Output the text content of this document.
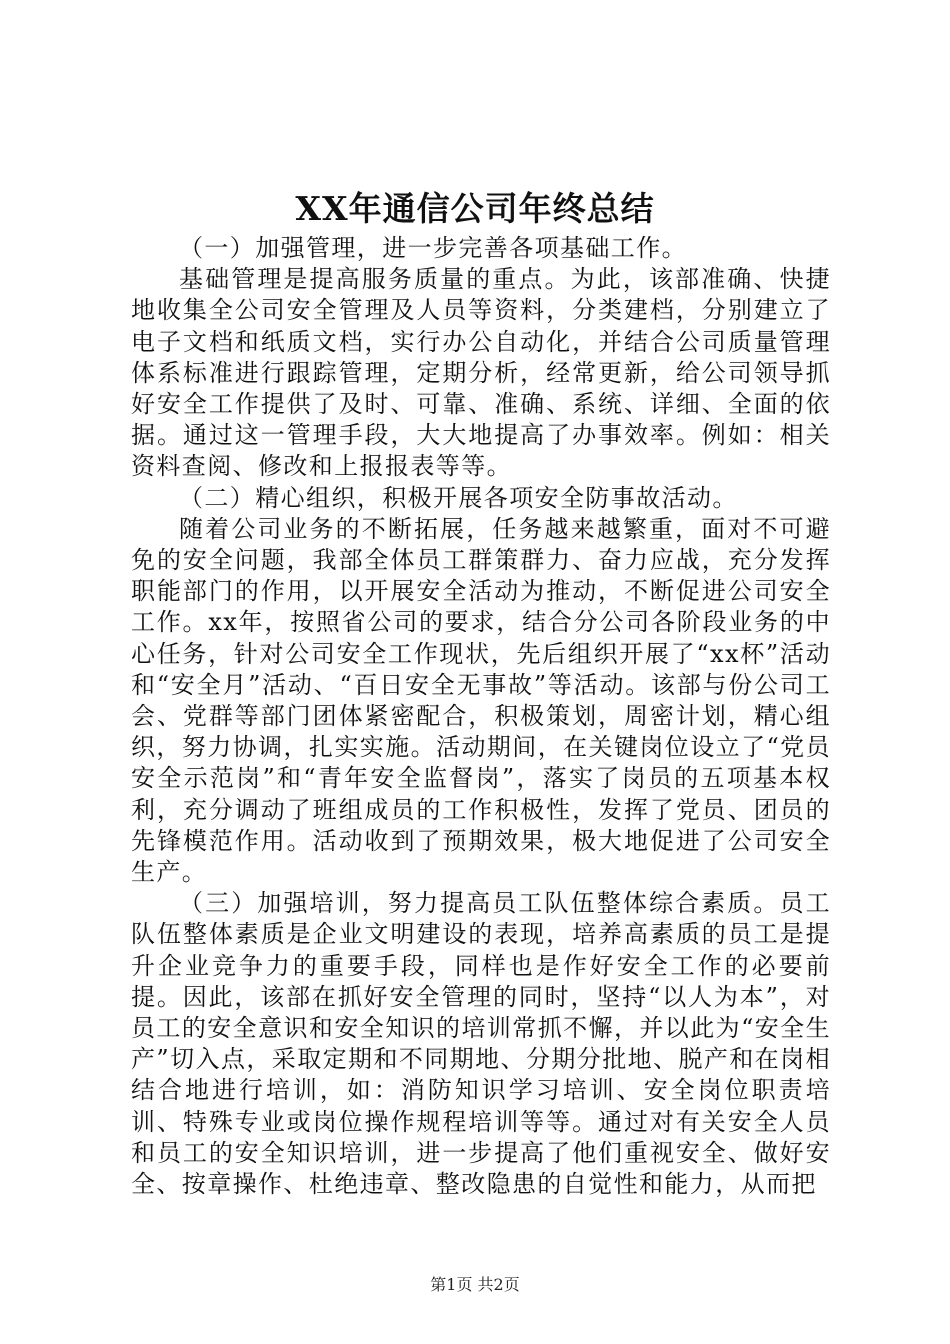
XX年通信公司年终总结

（一）加强管理，进一步完善各项基础工作。

基础管理是提高服务质量的重点。为此，该部准确、快捷地收集全公司安全管理及人员等资料，分类建档，分别建立了电子文档和纸质文档，实行办公自动化，并结合公司质量管理体系标准进行跟踪管理，定期分析，经常更新，给公司领导抓好安全工作提供了及时、可靠、准确、系统、详细、全面的依据。通过这一管理手段，大大地提高了办事效率。例如：相关资料查阅、修改和上报报表等等。

（二）精心组织，积极开展各项安全防事故活动。

随着公司业务的不断拓展，任务越来越繁重，面对不可避免的安全问题，我部全体员工群策群力、奋力应战，充分发挥职能部门的作用，以开展安全活动为推动，不断促进公司安全工作。xx年，按照省公司的要求，结合分公司各阶段业务的中心任务，针对公司安全工作现状，先后组织开展了“xx杯”活动和“安全月”活动、“百日安全无事故”等活动。该部与份公司工会、党群等部门团体紧密配合，积极策划，周密计划，精心组织，努力协调，扎实实施。活动期间，在关键岗位设立了“党员安全示范岗”和“青年安全监督岗”，落实了岗员的五项基本权利，充分调动了班组成员的工作积极性，发挥了党员、团员的先锋模范作用。活动收到了预期效果，极大地促进了公司安全生产。

（三）加强培训，努力提高员工队伍整体综合素质。员工队伍整体素质是企业文明建设的表现，培养高素质的员工是提升企业竞争力的重要手段，同样也是作好安全工作的必要前提。因此，该部在抓好安全管理的同时，坚持“以人为本”，对员工的安全意识和安全知识的培训常抓不懈，并以此为“安全生产”切入点，采取定期和不同期地、分期分批地、脱产和在岗相结合地进行培训，如：消防知识学习培训、安全岗位职责培训、特殊专业或岗位操作规程培训等等。通过对有关安全人员和员工的安全知识培训，进一步提高了他们重视安全、做好安全、按章操作、杜绝违章、整改隐患的自觉性和能力，从而把

第1页 共2页
